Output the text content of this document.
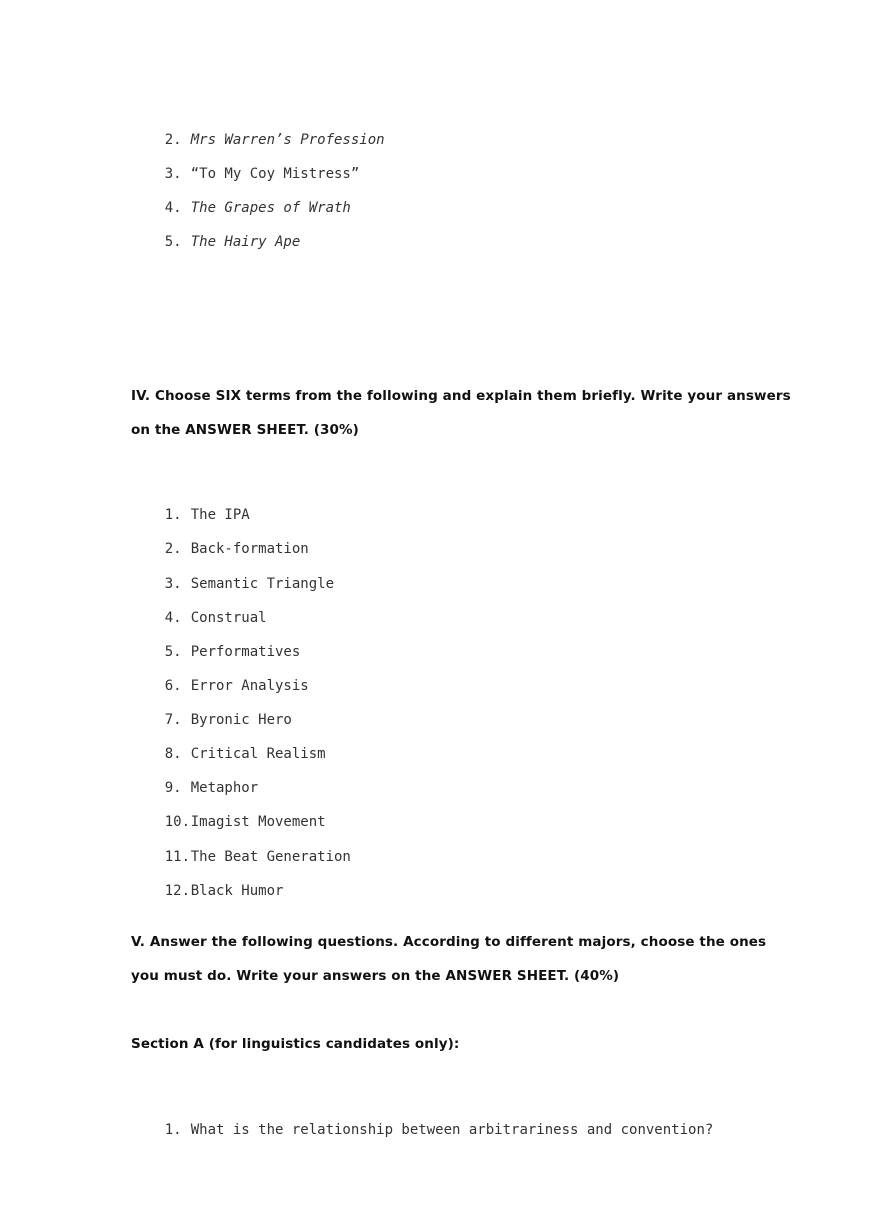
2. Mrs Warren’s Profession

3. “To My Coy Mistress”

4. The Grapes of Wrath

5. The Hairy Ape

IV. Choose SIX terms from the following and explain them briefly. Write your answers
on the ANSWER SHEET. (30%)

1. The IPA

2. Back-formation

3. Semantic Triangle

4. Construal

5. Performatives

6. Error Analysis

7. Byronic Hero

8. Critical Realism

9. Metaphor

10.Imagist Movement

11.The Beat Generation

12.Black Humor

V. Answer the following questions. According to different majors, choose the ones
you must do. Write your answers on the ANSWER SHEET. (40%)
Section A (for linguistics candidates only):

1. What is the relationship between arbitrariness and convention?
